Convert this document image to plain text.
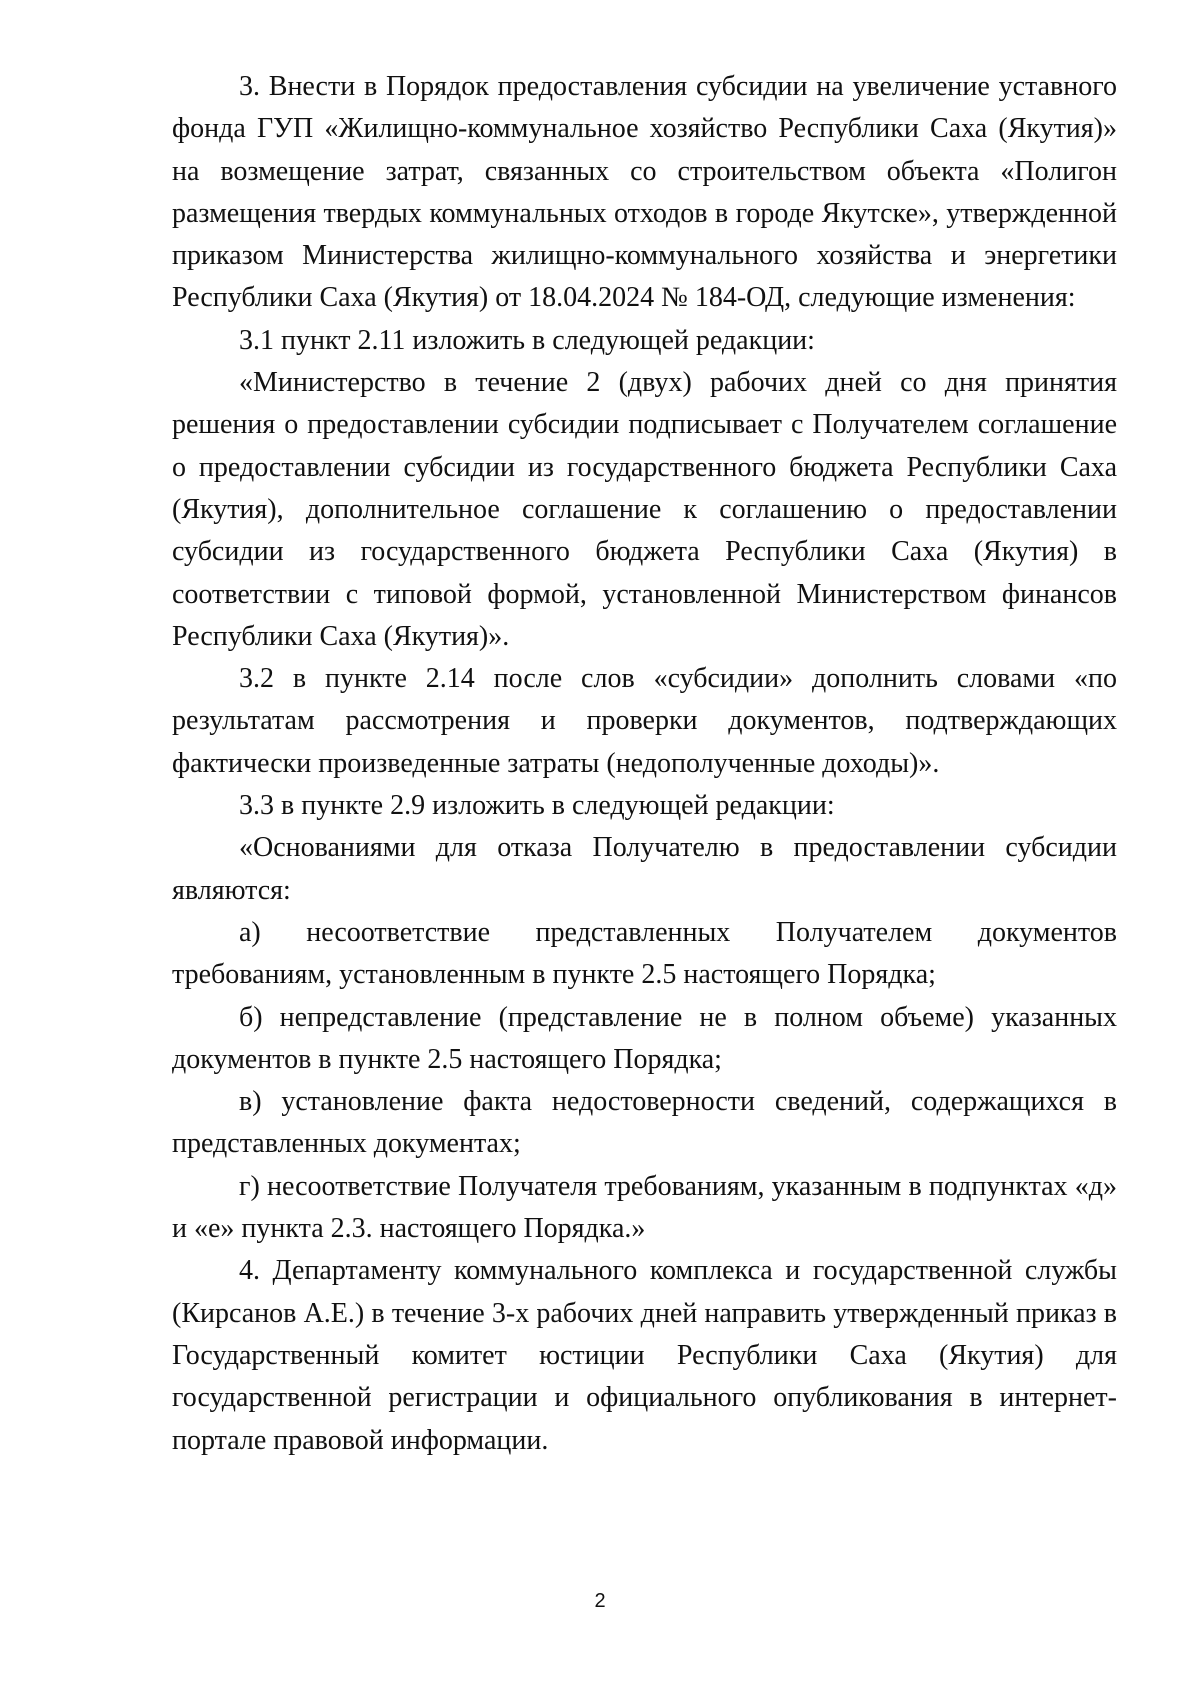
3. Внести в Порядок предоставления субсидии на увеличение уставного фонда ГУП «Жилищно-коммунальное хозяйство Республики Саха (Якутия)» на возмещение затрат, связанных со строительством объекта «Полигон размещения твердых коммунальных отходов в городе Якутске», утвержденной приказом Министерства жилищно-коммунального хозяйства и энергетики Республики Саха (Якутия) от 18.04.2024 № 184-ОД, следующие изменения:

3.1 пункт 2.11 изложить в следующей редакции:

«Министерство в течение 2 (двух) рабочих дней со дня принятия решения о предоставлении субсидии подписывает с Получателем соглашение о предоставлении субсидии из государственного бюджета Республики Саха (Якутия), дополнительное соглашение к соглашению о предоставлении субсидии из государственного бюджета Республики Саха (Якутия) в соответствии с типовой формой, установленной Министерством финансов Республики Саха (Якутия)».

3.2 в пункте 2.14 после слов «субсидии» дополнить словами «по результатам рассмотрения и проверки документов, подтверждающих фактически произведенные затраты (недополученные доходы)».

3.3 в пункте 2.9 изложить в следующей редакции:

«Основаниями для отказа Получателю в предоставлении субсидии являются:

а) несоответствие представленных Получателем документов требованиям, установленным в пункте 2.5 настоящего Порядка;

б) непредставление (представление не в полном объеме) указанных документов в пункте 2.5 настоящего Порядка;

в) установление факта недостоверности сведений, содержащихся в представленных документах;

г) несоответствие Получателя требованиям, указанным в подпунктах «д» и «е» пункта 2.3. настоящего Порядка.»

4. Департаменту коммунального комплекса и государственной службы (Кирсанов А.Е.) в течение 3-х рабочих дней направить утвержденный приказ в Государственный комитет юстиции Республики Саха (Якутия) для государственной регистрации и официального опубликования в интернет-портале правовой информации.

2
